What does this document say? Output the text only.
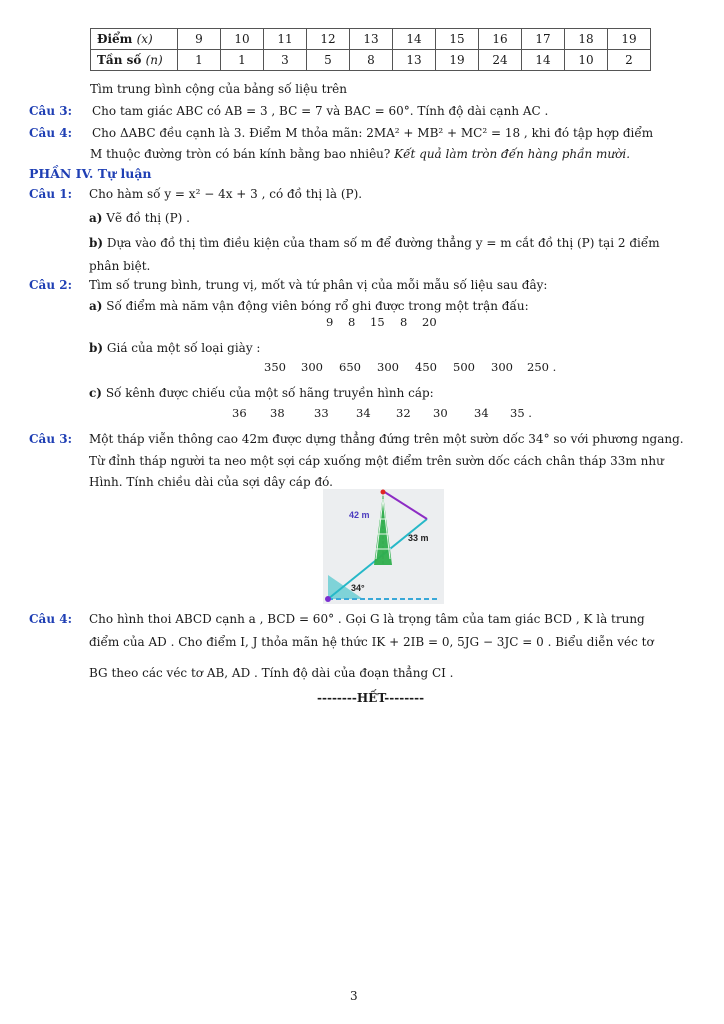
Điểm (x)	9	10	11	12	13	14	15	16	17	18	19
Tần số (n)	1	1	3	5	8	13	19	24	14	10	2
Tìm trung bình cộng của bảng số liệu trên
Câu 3: Cho tam giác ABC có AB = 3 , BC = 7 và BAC = 60°. Tính độ dài cạnh AC .
Câu 4: Cho ΔABC đều cạnh là 3. Điểm M thỏa mãn: 2MA² + MB² + MC² = 18 , khi đó tập hợp điểm
M thuộc đường tròn có bán kính bằng bao nhiêu? Kết quả làm tròn đến hàng phần mười.
PHẦN IV. Tự luận
Câu 1: Cho hàm số y = x² − 4x + 3 , có đồ thị là (P).
a) Vẽ đồ thị (P) .
b) Dựa vào đồ thị tìm điều kiện của tham số m để đường thẳng y = m cắt đồ thị (P) tại 2 điểm
phân biệt.
Câu 2: Tìm số trung bình, trung vị, mốt và tứ phân vị của mỗi mẫu số liệu sau đây:
a) Số điểm mà năm vận động viên bóng rổ ghi được trong một trận đấu:
9 8 15 8 20
b) Giá của một số loại giày :
350 300 650 300 450 500 300 250 .
c) Số kênh được chiếu của một số hãng truyền hình cáp:
36 38	33 34 32 30 34 35 .
Câu 3: Một tháp viễn thông cao 42m được dựng thẳng đứng trên một sườn dốc 34° so với phương ngang.
Từ đỉnh tháp người ta neo một sợi cáp xuống một điểm trên sườn dốc cách chân tháp 33m như
Hình. Tính chiều dài của sợi dây cáp đó.
42 m
33 m
34°
Câu 4: Cho hình thoi ABCD cạnh a , BCD = 60° . Gọi G là trọng tâm của tam giác BCD , K là trung
điểm của AD . Cho điểm I, J thỏa mãn hệ thức IK + 2IB = 0, 5JG − 3JC = 0 . Biểu diễn véc tơ
BG theo các véc tơ AB, AD . Tính độ dài của đoạn thẳng CI .
--------HẾT--------
3
